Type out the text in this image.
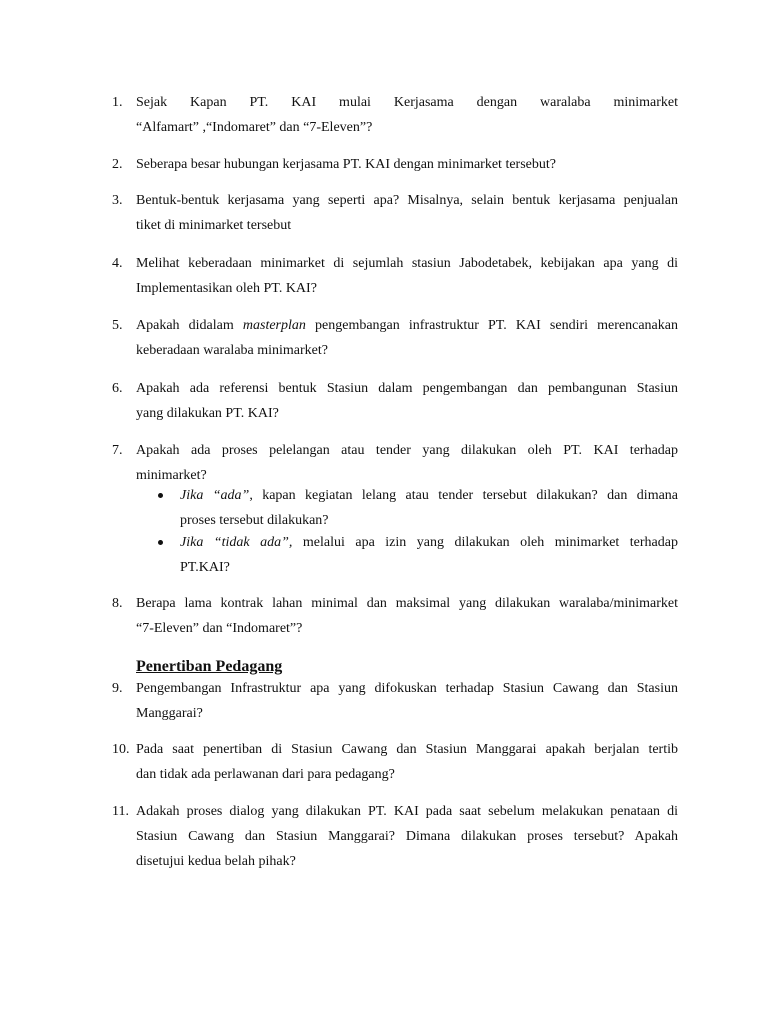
1. Sejak Kapan PT. KAI mulai Kerjasama dengan waralaba minimarket
“Alfamart” ,“Indomaret” dan “7-Eleven”?
2. Seberapa besar hubungan kerjasama PT. KAI dengan minimarket tersebut?
3. Bentuk-bentuk kerjasama yang seperti apa? Misalnya, selain bentuk kerjasama penjualan
tiket di minimarket tersebut
4. Melihat keberadaan minimarket di sejumlah stasiun Jabodetabek, kebijakan apa yang di
Implementasikan oleh PT. KAI?
5. Apakah didalam masterplan pengembangan infrastruktur PT. KAI sendiri merencanakan
keberadaan waralaba minimarket?
6. Apakah ada referensi bentuk Stasiun dalam pengembangan dan pembangunan Stasiun
yang dilakukan PT. KAI?
7. Apakah ada proses pelelangan atau tender yang dilakukan oleh PT. KAI terhadap
minimarket?
Jika “ada”, kapan kegiatan lelang atau tender tersebut dilakukan? dan dimana
proses tersebut dilakukan?
Jika “tidak ada”, melalui apa izin yang dilakukan oleh minimarket terhadap
PT.KAI?
8. Berapa lama kontrak lahan minimal dan maksimal yang dilakukan waralaba/minimarket
“7-Eleven” dan “Indomaret”?
Penertiban Pedagang
9. Pengembangan Infrastruktur apa yang difokuskan terhadap Stasiun Cawang dan Stasiun
Manggarai?
10. Pada saat penertiban di Stasiun Cawang dan Stasiun Manggarai apakah berjalan tertib
dan tidak ada perlawanan dari para pedagang?
11. Adakah proses dialog yang dilakukan PT. KAI pada saat sebelum melakukan penataan di
Stasiun Cawang dan Stasiun Manggarai? Dimana dilakukan proses tersebut? Apakah
disetujui kedua belah pihak?
